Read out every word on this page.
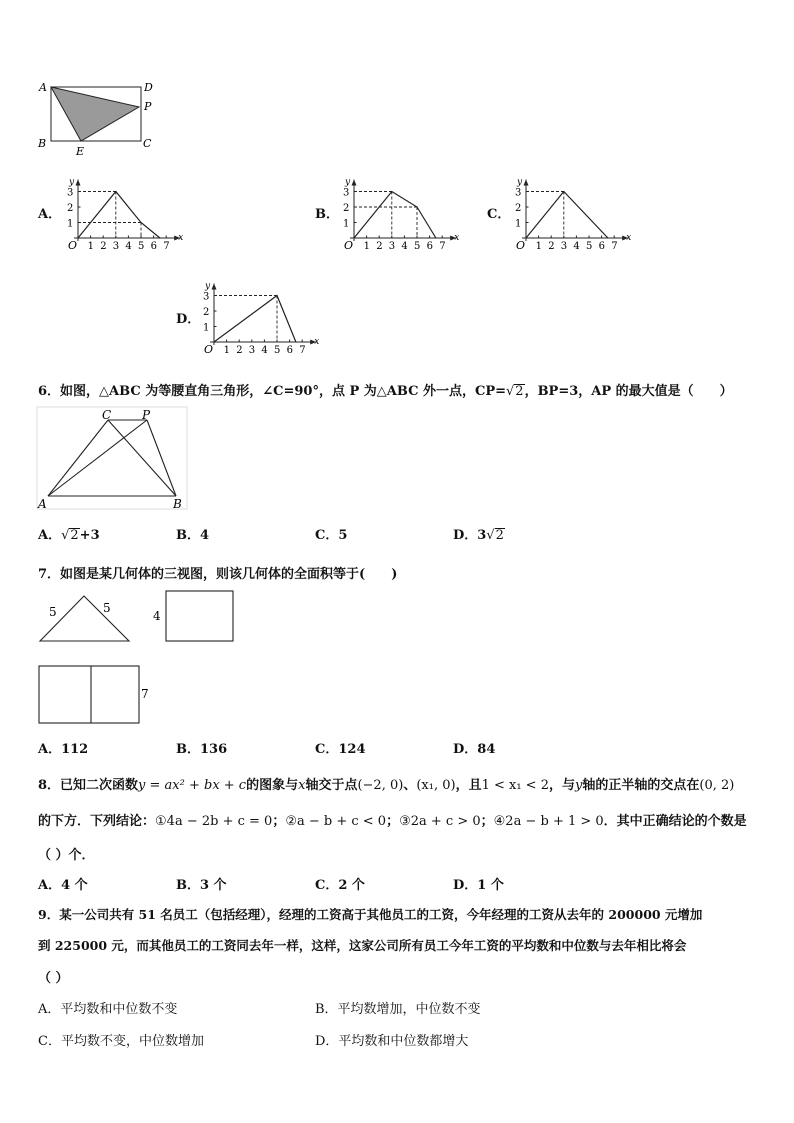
A	D
P
B	C
E
A．
x
y
O 1 2 3 4 5 6 7
1
2
3
B．
x
y
O 1 2 3 4 5 6 7
1
2
3
C．
x
y
O 1 2 3 4 5 6 7
1
2
3
D．
x
y
O 1 2 3 4 5 6 7
1
2
3
6．如图，△ABC 为等腰直角三角形，∠C=90°，点 P 为△ABC 外一点，CP=√2，BP=3，AP 的最大值是（　　）
C	P
A	B
A．√2+3	B．4	C．5	D．3√2
7．如图是某几何体的三视图，则该几何体的全面积等于(　　)
5	5
4
7
A．112	B．136	C．124	D．84
8．已知二次函数y = ax² + bx + c的图象与x轴交于点(−2, 0)、(x₁, 0)，且1 < x₁ < 2，与y轴的正半轴的交点在(0, 2)
的下方．下列结论：①4a − 2b + c = 0；②a − b + c < 0；③2a + c > 0；④2a − b + 1 > 0．其中正确结论的个数是
（ ）个．
A．4 个	B．3 个	C．2 个	D．1 个
9．某一公司共有 51 名员工（包括经理），经理的工资高于其他员工的工资，今年经理的工资从去年的 200000 元增加
到 225000 元，而其他员工的工资同去年一样，这样，这家公司所有员工今年工资的平均数和中位数与去年相比将会
（ ）
A．平均数和中位数不变	B．平均数增加，中位数不变
C．平均数不变，中位数增加	D．平均数和中位数都增大
